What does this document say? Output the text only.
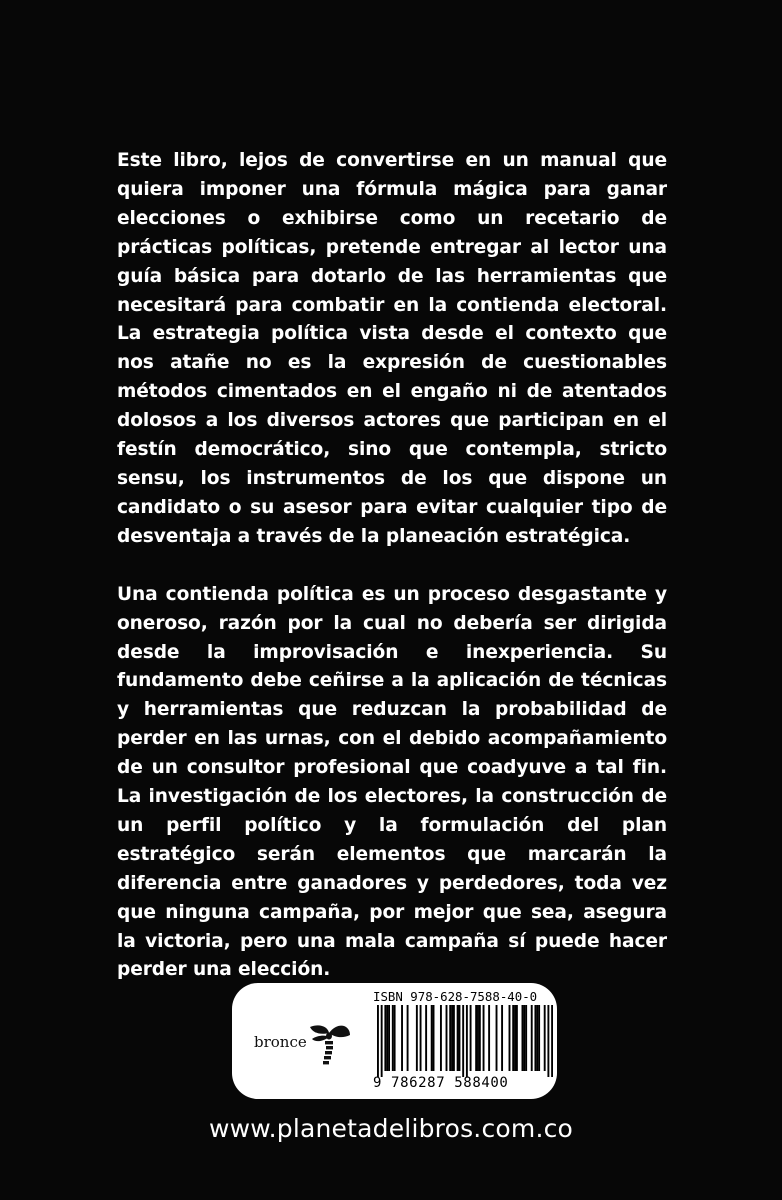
Este libro, lejos de convertirse en un manual que quiera imponer una fórmula mágica para ganar elecciones o exhibirse como un recetario de prácticas políticas, pretende entregar al lector una guía básica para dotarlo de las herramientas que necesitará para combatir en la contienda electoral. La estrategia política vista desde el contexto que nos atañe no es la expresión de cuestionables métodos cimentados en el engaño ni de atentados dolosos a los diversos actores que participan en el festín democrático, sino que contempla, stricto sensu, los instrumentos de los que dispone un candidato o su asesor para evitar cualquier tipo de desventaja a través de la planeación estratégica.

Una contienda política es un proceso desgastante y oneroso, razón por la cual no debería ser dirigida desde la improvisación e inexperiencia. Su fundamento debe ceñirse a la aplicación de técnicas y herramientas que reduzcan la probabilidad de perder en las urnas, con el debido acompañamiento de un consultor profesional que coadyuve a tal fin. La investigación de los electores, la construcción de un perfil político y la formulación del plan estratégico serán elementos que marcarán la diferencia entre ganadores y perdedores, toda vez que ninguna campaña, por mejor que sea, asegura la victoria, pero una mala campaña sí puede hacer perder una elección.

bronce
ISBN 978-628-7588-40-0
9 786287 588400
www.planetadelibros.com.co
